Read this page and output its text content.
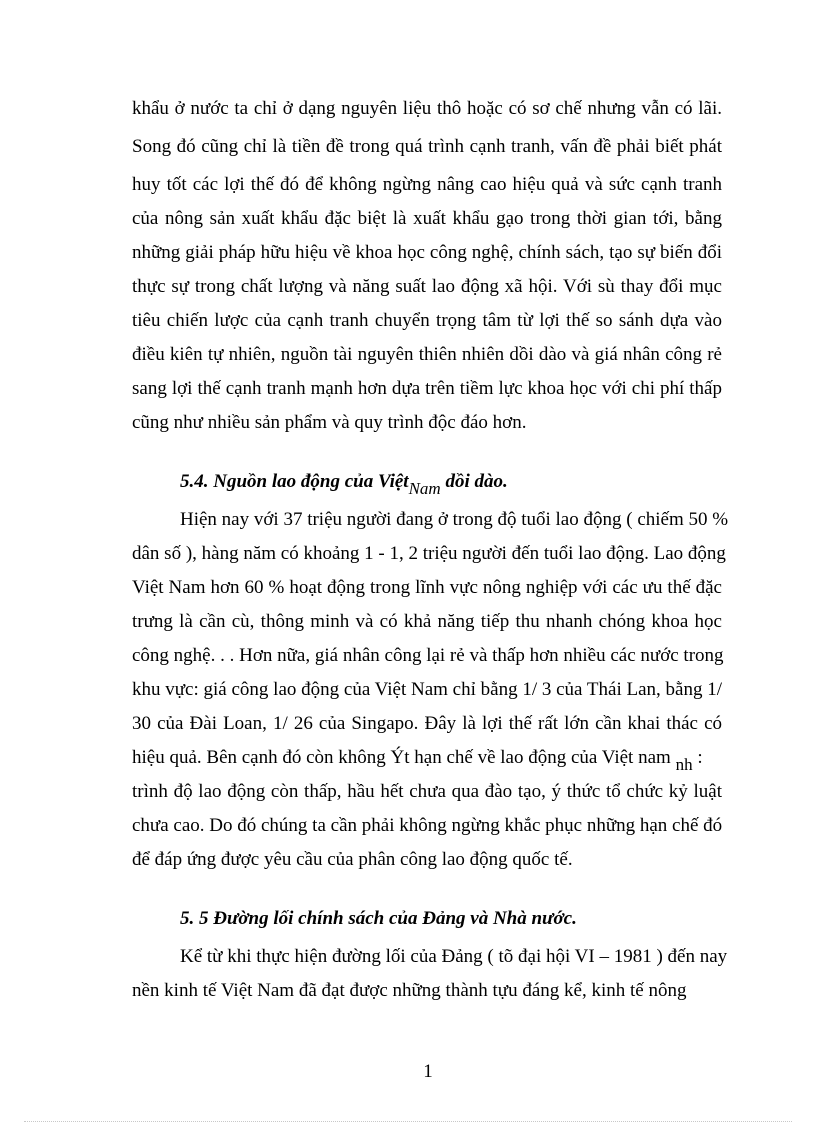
khẩu ở nước ta chỉ ở dạng nguyên liệu thô hoặc có sơ chế nhưng vẫn có lãi.
Song đó cũng chỉ là tiền đề trong quá trình cạnh tranh, vấn đề phải biết phát
huy tốt các lợi thế đó để không ngừng nâng cao hiệu quả và sức cạnh tranh
của nông sản xuất khẩu đặc biệt là xuất khẩu gạo trong thời gian tới, bằng
những giải pháp hữu hiệu về khoa học công nghệ, chính sách, tạo sự biến đổi
thực sự trong chất lượng và năng suất lao động xã hội. Với sù thay đổi mục
tiêu chiến lược của cạnh tranh chuyển trọng tâm từ lợi thế so sánh dựa vào
điều kiên tự nhiên, nguồn tài nguyên thiên nhiên dồi dào và giá nhân công rẻ
sang lợi thế cạnh tranh mạnh hơn dựa trên tiềm lực khoa học với chi phí thấp
cũng như nhiều sản phẩm và quy trình độc đáo hơn.
5.4. Nguồn lao động của ViệtNam dồi dào.
Hiện nay với 37 triệu người đang ở trong độ tuổi lao động ( chiếm 50 %
dân số ), hàng năm có khoảng 1 - 1, 2 triệu người đến tuổi lao động. Lao động
Việt Nam hơn 60 % hoạt động trong lĩnh vực nông nghiệp với các ưu thế đặc
trưng là cần cù, thông minh và có khả năng tiếp thu nhanh chóng khoa học
công nghệ. . . Hơn nữa, giá nhân công lại rẻ và thấp hơn nhiều các nước trong
khu vực: giá công lao động của Việt Nam chỉ bằng 1/ 3 của Thái Lan, bằng 1/
30 của Đài Loan, 1/ 26 của Singapo. Đây là lợi thế rất lớn cần khai thác có
hiệu quả. Bên cạnh đó còn không Ýt hạn chế về lao động của Việt nam nh :
trình độ lao động còn thấp, hầu hết chưa qua đào tạo, ý thức tổ chức kỷ luật
chưa cao. Do đó chúng ta cần phải không ngừng khắc phục những hạn chế đó
để đáp ứng được yêu cầu của phân công lao động quốc tế.
5. 5 Đường lối chính sách của Đảng và Nhà nước.
Kể từ khi thực hiện đường lối của Đảng ( tõ đại hội VI – 1981 ) đến nay
nền kinh tế Việt Nam đã đạt được những thành tựu đáng kể, kinh tế nông
1
